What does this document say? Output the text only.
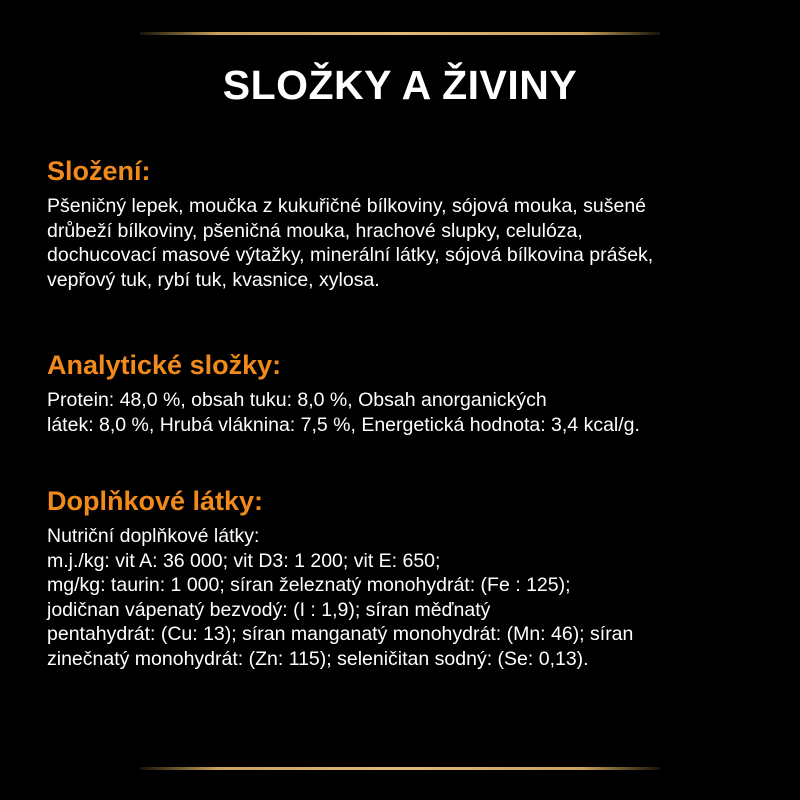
SLOŽKY A ŽIVINY
Složení:

Pšeničný lepek, moučka z kukuřičné bílkoviny, sójová mouka, sušené
drůbeží bílkoviny, pšeničná mouka, hrachové slupky, celulóza,
dochucovací masové výtažky, minerální látky, sójová bílkovina prášek,
vepřový tuk, rybí tuk, kvasnice, xylosa.

Analytické složky:

Protein: 48,0 %, obsah tuku: 8,0 %, Obsah anorganických
látek: 8,0 %, Hrubá vláknina: 7,5 %, Energetická hodnota: 3,4 kcal/g.

Doplňkové látky:

Nutriční doplňkové látky:
m.j./kg: vit A: 36 000; vit D3: 1 200; vit E: 650;
mg/kg: taurin: 1 000; síran železnatý monohydrát: (Fe : 125);
jodičnan vápenatý bezvodý: (I : 1,9); síran měďnatý
pentahydrát: (Cu: 13); síran manganatý monohydrát: (Mn: 46); síran
zinečnatý monohydrát: (Zn: 115); seleničitan sodný: (Se: 0,13).
